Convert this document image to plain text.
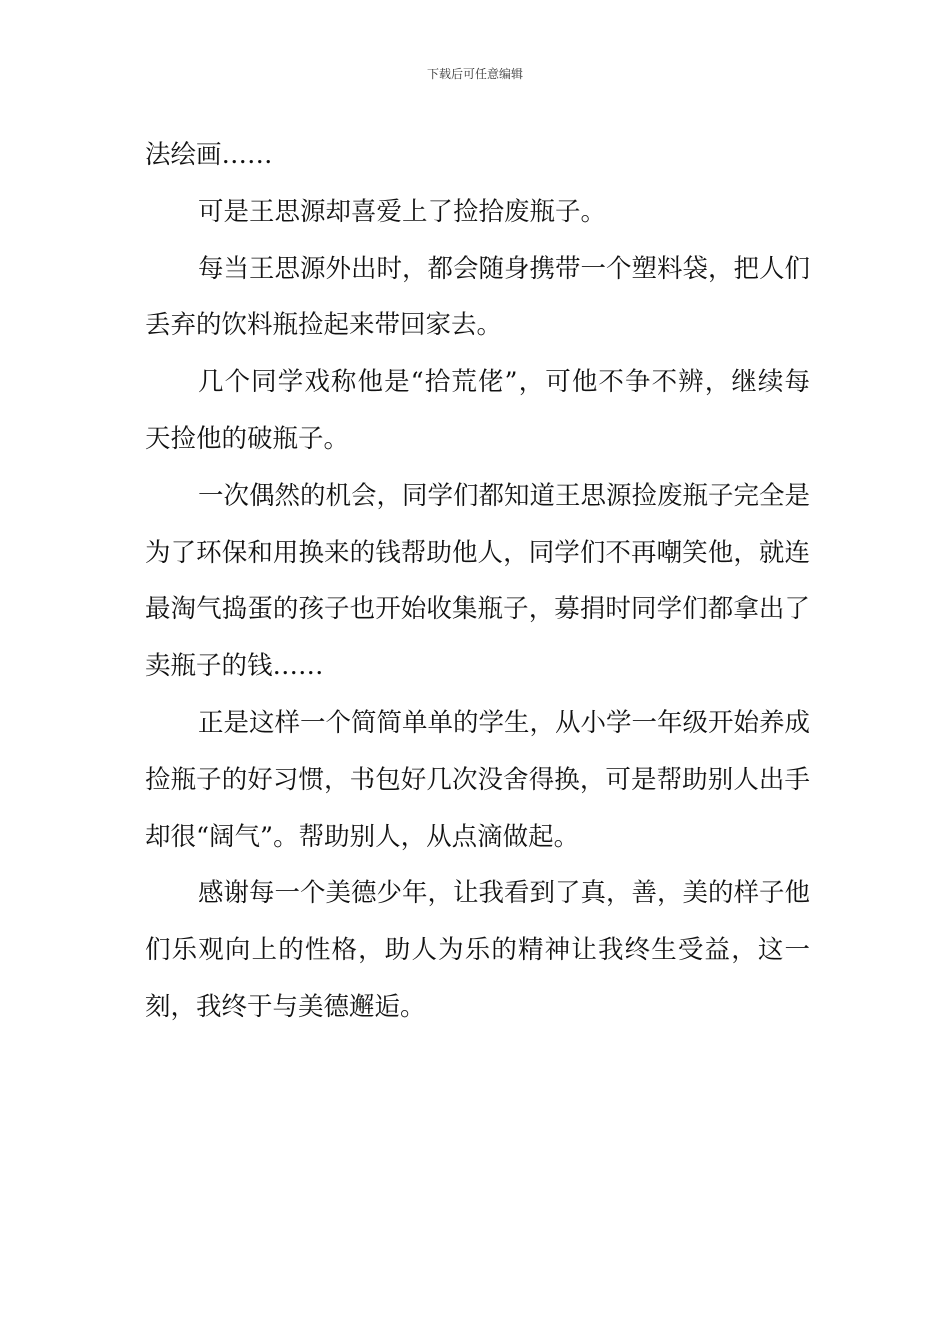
下载后可任意编辑

法绘画……

可是王思源却喜爱上了捡拾废瓶子。

每当王思源外出时，都会随身携带一个塑料袋，把人们丢弃的饮料瓶捡起来带回家去。

几个同学戏称他是“拾荒佬”，可他不争不辨，继续每天捡他的破瓶子。

一次偶然的机会，同学们都知道王思源捡废瓶子完全是为了环保和用换来的钱帮助他人，同学们不再嘲笑他，就连最淘气捣蛋的孩子也开始收集瓶子，募捐时同学们都拿出了卖瓶子的钱……

正是这样一个简简单单的学生，从小学一年级开始养成捡瓶子的好习惯，书包好几次没舍得换，可是帮助别人出手却很“阔气”。帮助别人，从点滴做起。

感谢每一个美德少年，让我看到了真，善，美的样子他们乐观向上的性格，助人为乐的精神让我终生受益，这一刻，我终于与美德邂逅。
